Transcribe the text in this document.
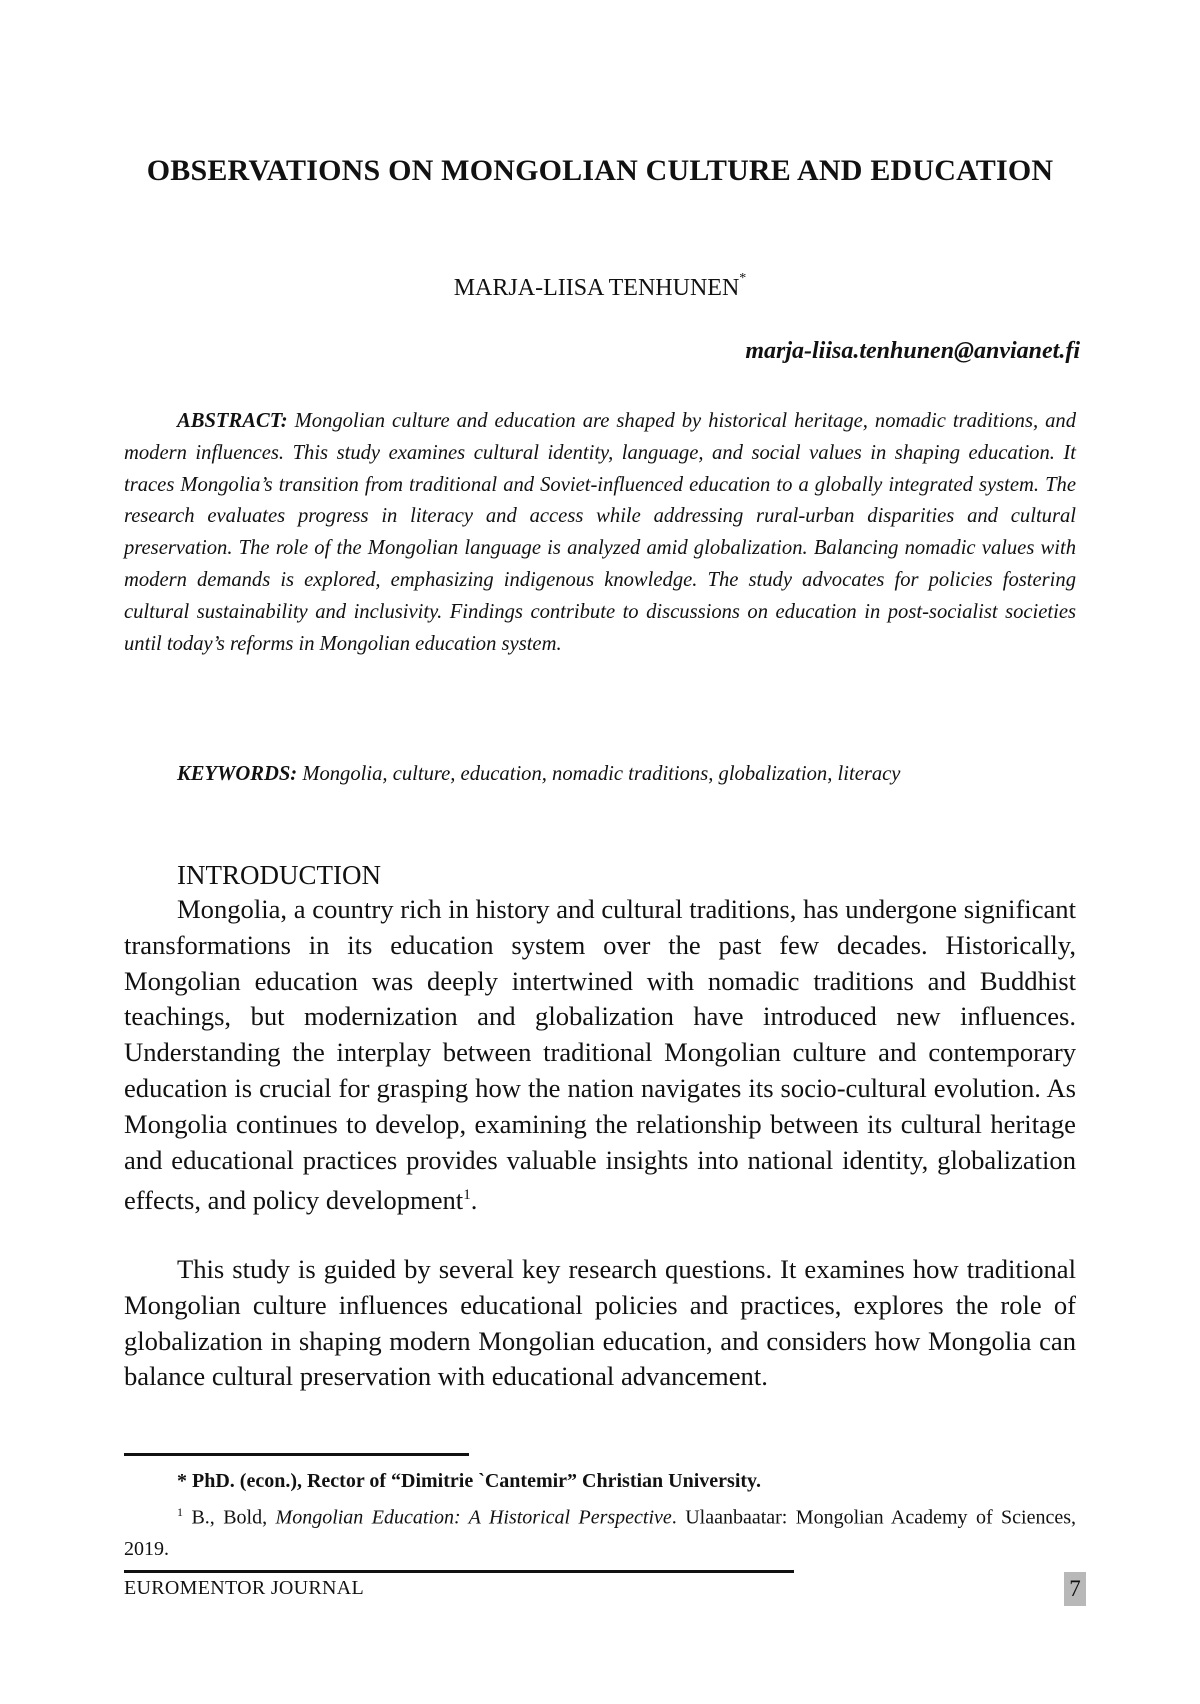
OBSERVATIONS ON MONGOLIAN CULTURE AND EDUCATION
MARJA-LIISA TENHUNEN*
marja-liisa.tenhunen@anvianet.fi
ABSTRACT: Mongolian culture and education are shaped by historical heritage, nomadic traditions, and modern influences. This study examines cultural identity, language, and social values in shaping education. It traces Mongolia’s transition from traditional and Soviet-influenced education to a globally integrated system. The research evaluates progress in literacy and access while addressing rural-urban disparities and cultural preservation. The role of the Mongolian language is analyzed amid globalization. Balancing nomadic values with modern demands is explored, emphasizing indigenous knowledge. The study advocates for policies fostering cultural sustainability and inclusivity. Findings contribute to discussions on education in post-socialist societies until today’s reforms in Mongolian education system.
KEYWORDS: Mongolia, culture, education, nomadic traditions, globalization, literacy
INTRODUCTION

Mongolia, a country rich in history and cultural traditions, has undergone significant transformations in its education system over the past few decades. Historically, Mongolian education was deeply intertwined with nomadic traditions and Buddhist teachings, but modernization and globalization have introduced new influences. Understanding the interplay between traditional Mongolian culture and contemporary education is crucial for grasping how the nation navigates its socio-cultural evolution. As Mongolia continues to develop, examining the relationship between its cultural heritage and educational practices provides valuable insights into national identity, globalization effects, and policy development$^1$.

This study is guided by several key research questions. It examines how traditional Mongolian culture influences educational policies and practices, explores the role of globalization in shaping modern Mongolian education, and considers how Mongolia can balance cultural preservation with educational advancement.

* PhD. (econ.), Rector of “Dimitrie `Cantemir” Christian University.
$^1$ B., Bold, Mongolian Education: A Historical Perspective. Ulaanbaatar: Mongolian Academy of Sciences, 2019.
EUROMENTOR JOURNAL	7
